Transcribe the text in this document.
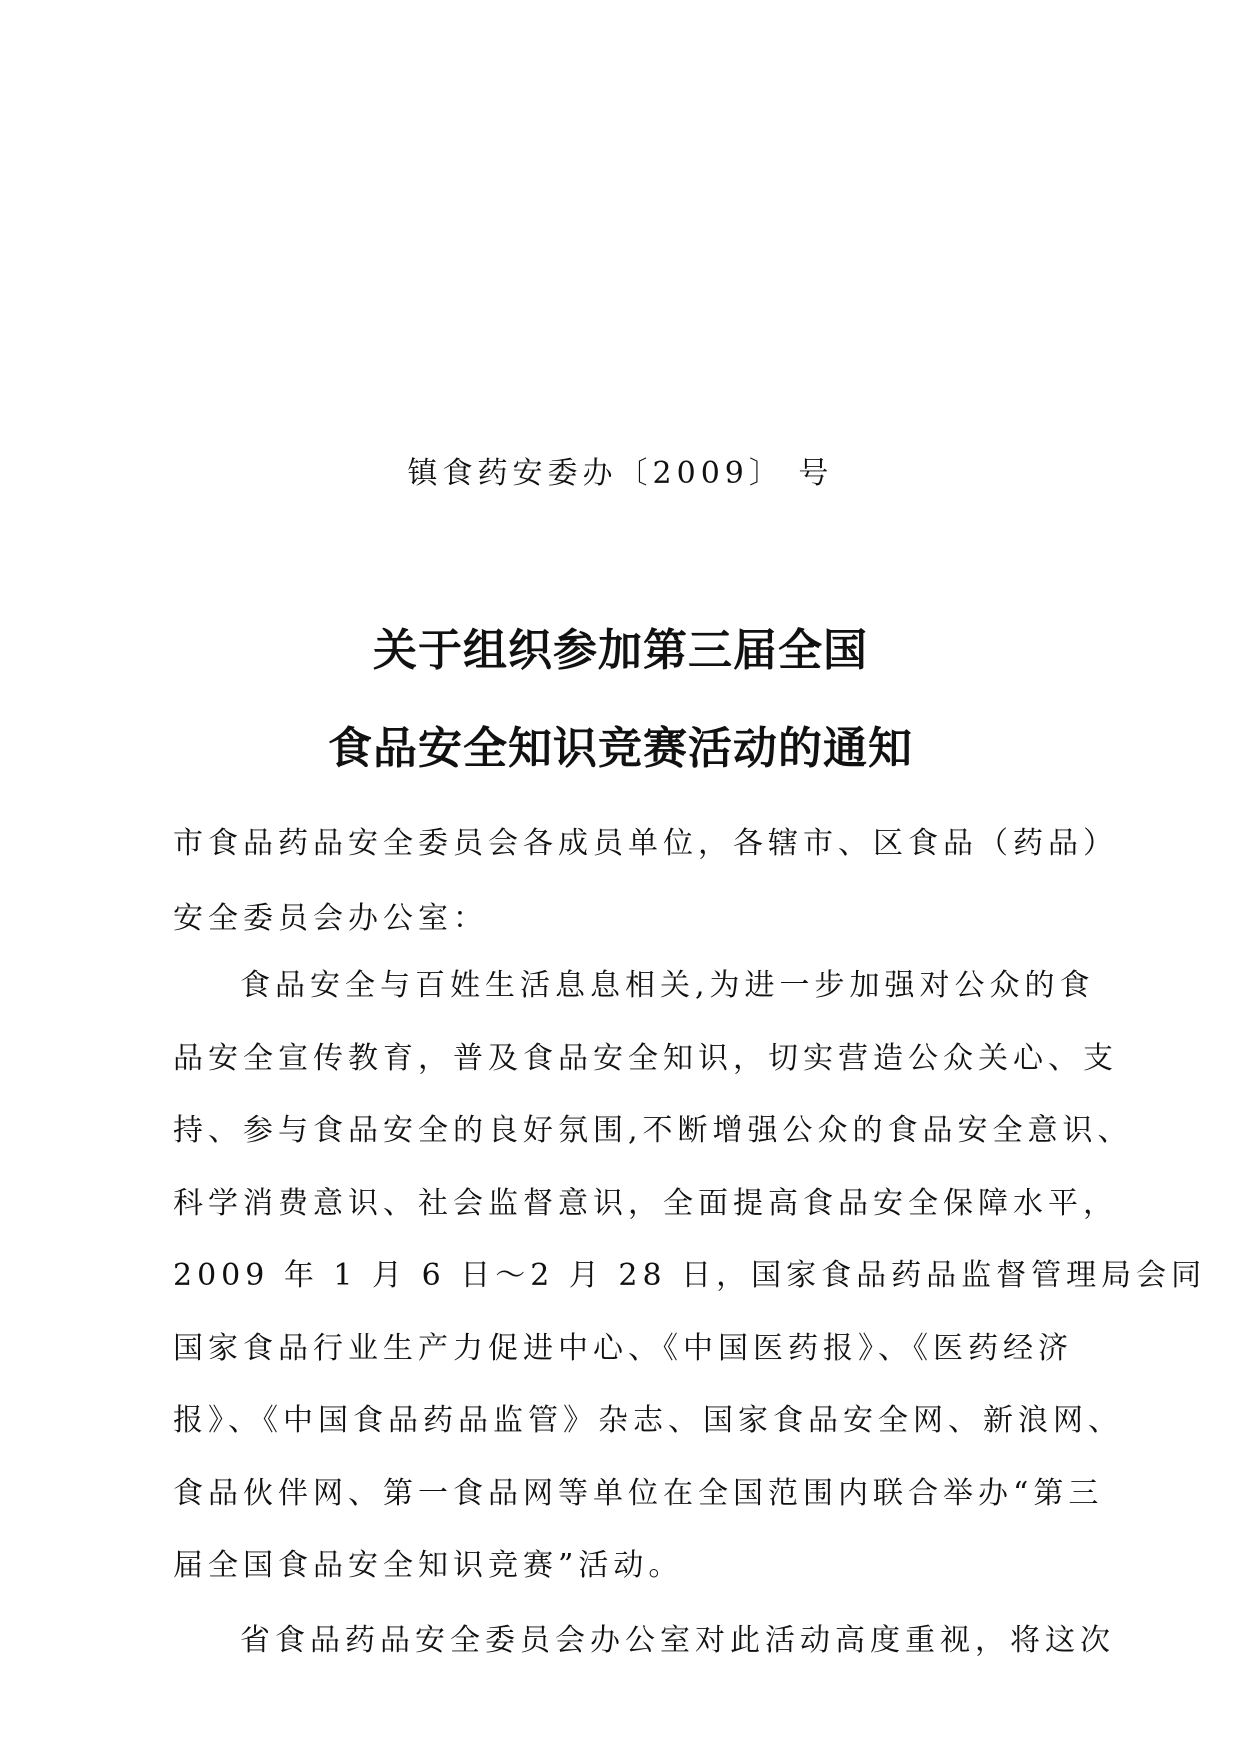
镇食药安委办〔2009〕 号
关于组织参加第三届全国
食品安全知识竞赛活动的通知
市食品药品安全委员会各成员单位，各辖市、区食品（药品）
安全委员会办公室：
食品安全与百姓生活息息相关,为进一步加强对公众的食
品安全宣传教育，普及食品安全知识，切实营造公众关心、支
持、参与食品安全的良好氛围,不断增强公众的食品安全意识、
科学消费意识、社会监督意识，全面提高食品安全保障水平，
2009 年 1 月 6 日～2 月 28 日，国家食品药品监督管理局会同
国家食品行业生产力促进中心、《中国医药报》、《医药经济
报》、《中国食品药品监管》杂志、国家食品安全网、新浪网、
食品伙伴网、第一食品网等单位在全国范围内联合举办“第三
届全国食品安全知识竞赛”活动。
省食品药品安全委员会办公室对此活动高度重视，将这次
